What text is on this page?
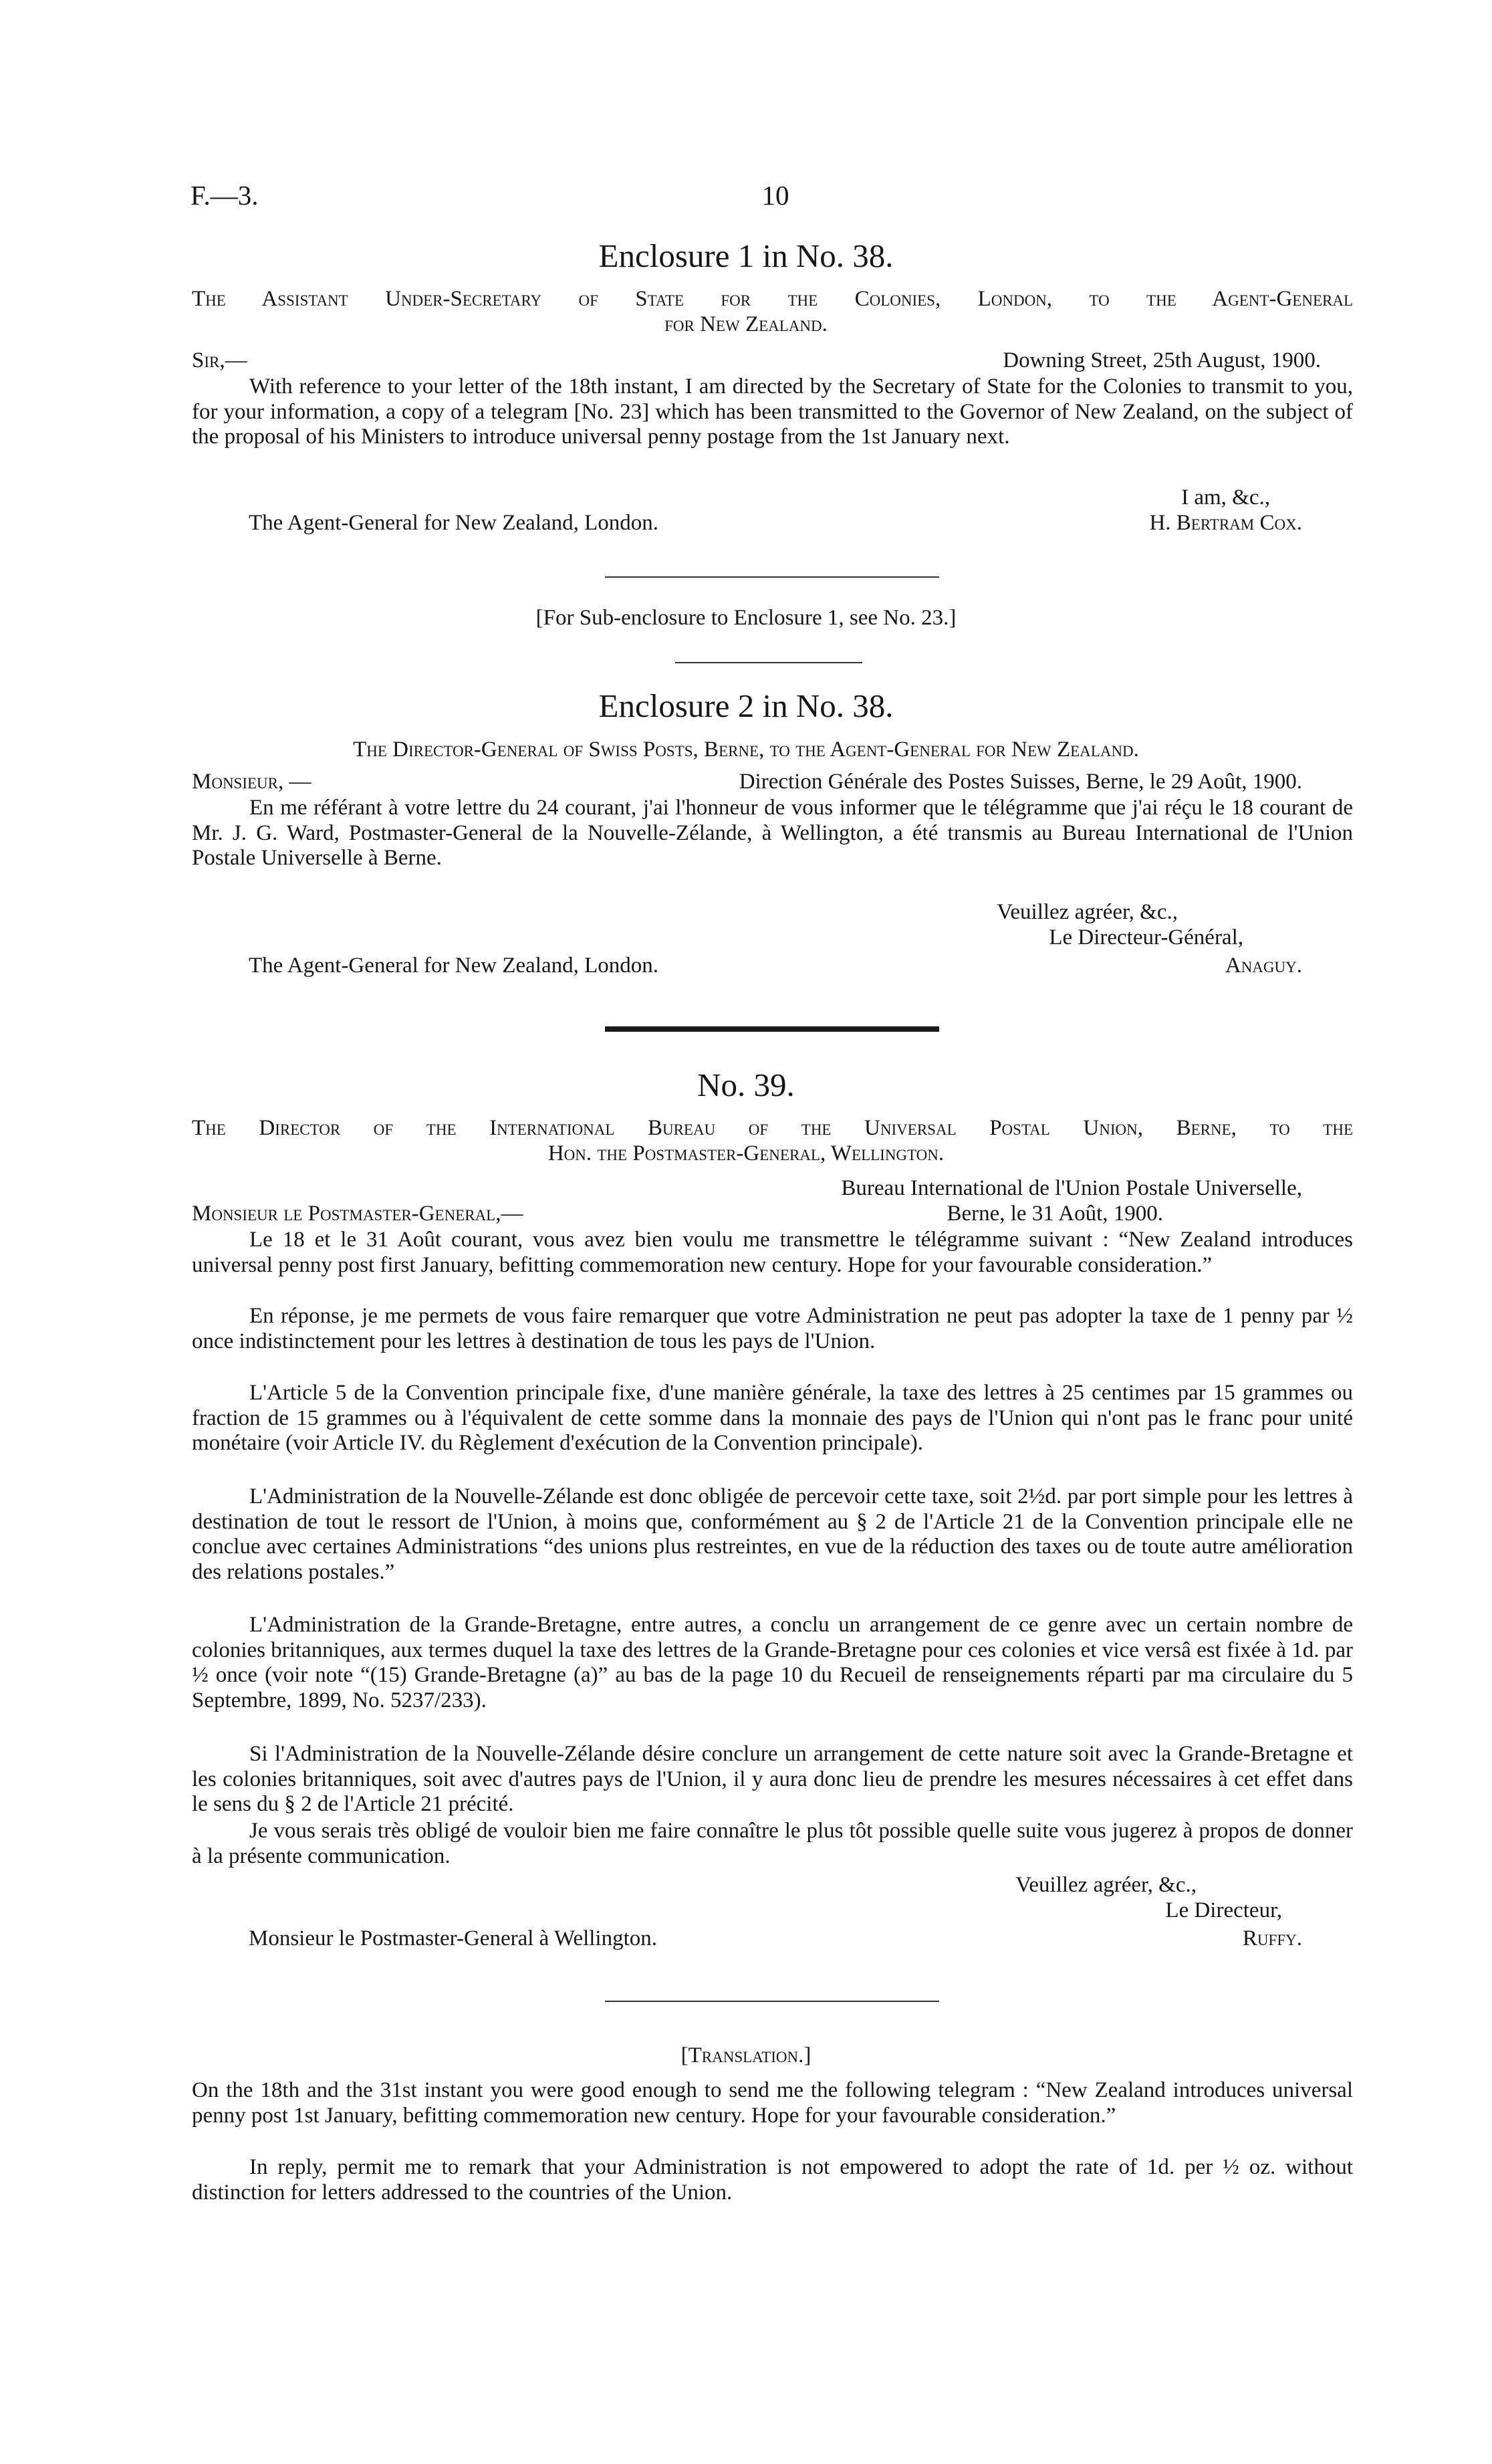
F.—3.	10
Enclosure 1 in No. 38.
The Assistant Under-Secretary of State for the Colonies, London, to the Agent-General
for New Zealand.
Sir,—	Downing Street, 25th August, 1900.
With reference to your letter of the 18th instant, I am directed by the Secretary of State for the Colonies to transmit to you, for your information, a copy of a telegram [No. 23] which has been transmitted to the Governor of New Zealand, on the subject of the proposal of his Ministers to introduce universal penny postage from the 1st January next.
I am, &c.,
The Agent-General for New Zealand, London.	H. Bertram Cox.
[For Sub-enclosure to Enclosure 1, see No. 23.]
Enclosure 2 in No. 38.
The Director-General of Swiss Posts, Berne, to the Agent-General for New Zealand.
Monsieur, —	Direction Générale des Postes Suisses, Berne, le 29 Août, 1900.
En me référant à votre lettre du 24 courant, j'ai l'honneur de vous informer que le télégramme que j'ai réçu le 18 courant de Mr. J. G. Ward, Postmaster-General de la Nouvelle-Zélande, à Wellington, a été transmis au Bureau International de l'Union Postale Universelle à Berne.
Veuillez agréer, &c.,
Le Directeur-Général,
The Agent-General for New Zealand, London.	Anaguy.
No. 39.
The Director of the International Bureau of the Universal Postal Union, Berne, to the
Hon. the Postmaster-General, Wellington.
Bureau International de l'Union Postale Universelle,
Monsieur le Postmaster-General,—	Berne, le 31 Août, 1900.
Le 18 et le 31 Août courant, vous avez bien voulu me transmettre le télégramme suivant : “New Zealand introduces universal penny post first January, befitting commemoration new century. Hope for your favourable consideration.”
En réponse, je me permets de vous faire remarquer que votre Administration ne peut pas adopter la taxe de 1 penny par ½ once indistinctement pour les lettres à destination de tous les pays de l'Union.
L'Article 5 de la Convention principale fixe, d'une manière générale, la taxe des lettres à 25 centimes par 15 grammes ou fraction de 15 grammes ou à l'équivalent de cette somme dans la monnaie des pays de l'Union qui n'ont pas le franc pour unité monétaire (voir Article IV. du Règlement d'exécution de la Convention principale).
L'Administration de la Nouvelle-Zélande est donc obligée de percevoir cette taxe, soit 2½d. par port simple pour les lettres à destination de tout le ressort de l'Union, à moins que, conformément au § 2 de l'Article 21 de la Convention principale elle ne conclue avec certaines Administrations “des unions plus restreintes, en vue de la réduction des taxes ou de toute autre amélioration des relations postales.”
L'Administration de la Grande-Bretagne, entre autres, a conclu un arrangement de ce genre avec un certain nombre de colonies britanniques, aux termes duquel la taxe des lettres de la Grande-Bretagne pour ces colonies et vice versâ est fixée à 1d. par ½ once (voir note “(15) Grande-Bretagne (a)” au bas de la page 10 du Recueil de renseignements réparti par ma circulaire du 5 Septembre, 1899, No. 5237/233).
Si l'Administration de la Nouvelle-Zélande désire conclure un arrangement de cette nature soit avec la Grande-Bretagne et les colonies britanniques, soit avec d'autres pays de l'Union, il y aura donc lieu de prendre les mesures nécessaires à cet effet dans le sens du § 2 de l'Article 21 précité.
Je vous serais très obligé de vouloir bien me faire connaître le plus tôt possible quelle suite vous jugerez à propos de donner à la présente communication.
Veuillez agréer, &c.,
Le Directeur,
Monsieur le Postmaster-General à Wellington.	Ruffy.
[Translation.]
On the 18th and the 31st instant you were good enough to send me the following telegram : “New Zealand introduces universal penny post 1st January, befitting commemoration new century. Hope for your favourable consideration.”
In reply, permit me to remark that your Administration is not empowered to adopt the rate of 1d. per ½ oz. without distinction for letters addressed to the countries of the Union.
